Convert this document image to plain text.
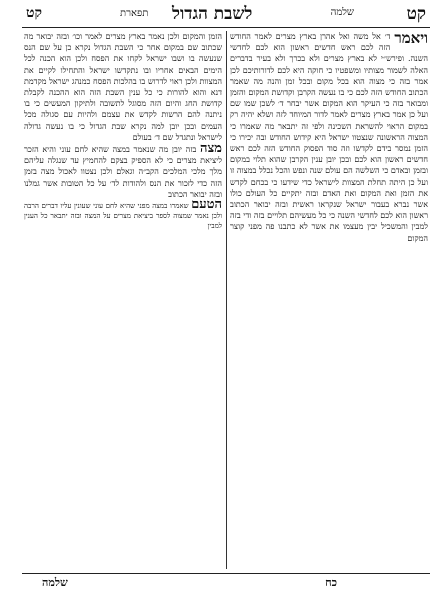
קט
שלמה
לשבת הגדול
תפארת
קט
ויאמר
ד׳ אל משה ואל אהרן בארץ מצרים לאמר החודש הזה לכם ראש חדשים ראשון הוא לכם לחדשי השנה. ופירש״י לא בארץ מצרים ולא בכרך ולא בעיר בדברים האלה לשמור מצותיו ומשפטיו כי חוקה היא לכם לדורותיכם לכן אמר בזה כי מצוה הוא בכל מקום ובכל זמן והנה מה שאמר הכתוב החודש הזה לכם כי בו נעשה הקרבן וקדושת המקום והזמן ומבואר בזה כי העיקר הוא המקום אשר יבחר ד׳ לשכן שמו שם ועל כן אמר בארץ מצרים לאמר לדור המיוחד לזה ושלא יהיה רק במקום הראוי להשראת השכינה ולפי זה יתבאר מה שאמרו כי המצוה הראשונה שנצטוו ישראל היא קידוש החודש ובה יכירו כי הזמן נמסר בידם לקדשו וזה סוד הפסוק החודש הזה לכם ראש חדשים ראשון הוא לכם ובכן יובן ענין הקרבן שהוא תלוי במקום ובזמן ובאדם כי השלשה הם עולם שנה ונפש והכל נכלל במצוה זו ועל כן היתה תחלת המצוות לישראל כדי שידעו כי בכחם לקדש את הזמן ואת המקום ואת האדם ובזה יתקיים כל העולם כולו אשר נברא בעבור ישראל שנקראו ראשית ובזה יבואר הכתוב ראשון הוא לכם לחדשי השנה כי כל מעשיהם תלויים בזה ודי בזה למבין והמשכיל יבין מעצמו את אשר לא כתבנו פה מפני קוצר המקום
הזמן והמקום ולכן נאמר בארץ מצרים לאמר וכו׳ ובזה יבואר מה שכתוב שם במקום אחר כי השבת הגדול נקרא כן על שם הנס שנעשה בו ושבו ישראל לקחו את הפסח ולכן הוא הכנה לכל הימים הבאים אחריו ובו נתקדשו ישראל והתחילו לקיים את המצוות ולכן ראוי לדרוש בו בהלכות הפסח כמנהג ישראל מקדמת דנא והוא להורות כי כל ענין השבת הזה הוא ההכנה לקבלת קדושת החג והיום הזה מסוגל לתשובה ולתיקון המעשים כי בו ניתנה להם הרשות לקדש את עצמם ולהיות עם סגולה מכל העמים ובכן יובן למה נקרא שבת הגדול כי בו נעשה גדולה לישראל ונתגדל שם ד׳ בעולם
מצה בזה יובן מה שנאמר במצה שהיא לחם עוני והיא הזכר ליציאת מצרים כי לא הספיק בצקם להחמיץ עד שנגלה עליהם מלך מלכי המלכים הקב״ה וגאלם ולכן נצטוו לאכול מצה בזמן הזה כדי לזכור את הנס ולהודות לד׳ על כל הטובות אשר גמלנו ובזה יבואר הכתוב
הטעם שאמרו במצה מפני שהיא לחם עוני שעונין עליו דברים הרבה ולכן נאמר שמצוה לספר ביציאת מצרים על המצה ובזה יתבאר כל הענין למבין
כח
שלמה
